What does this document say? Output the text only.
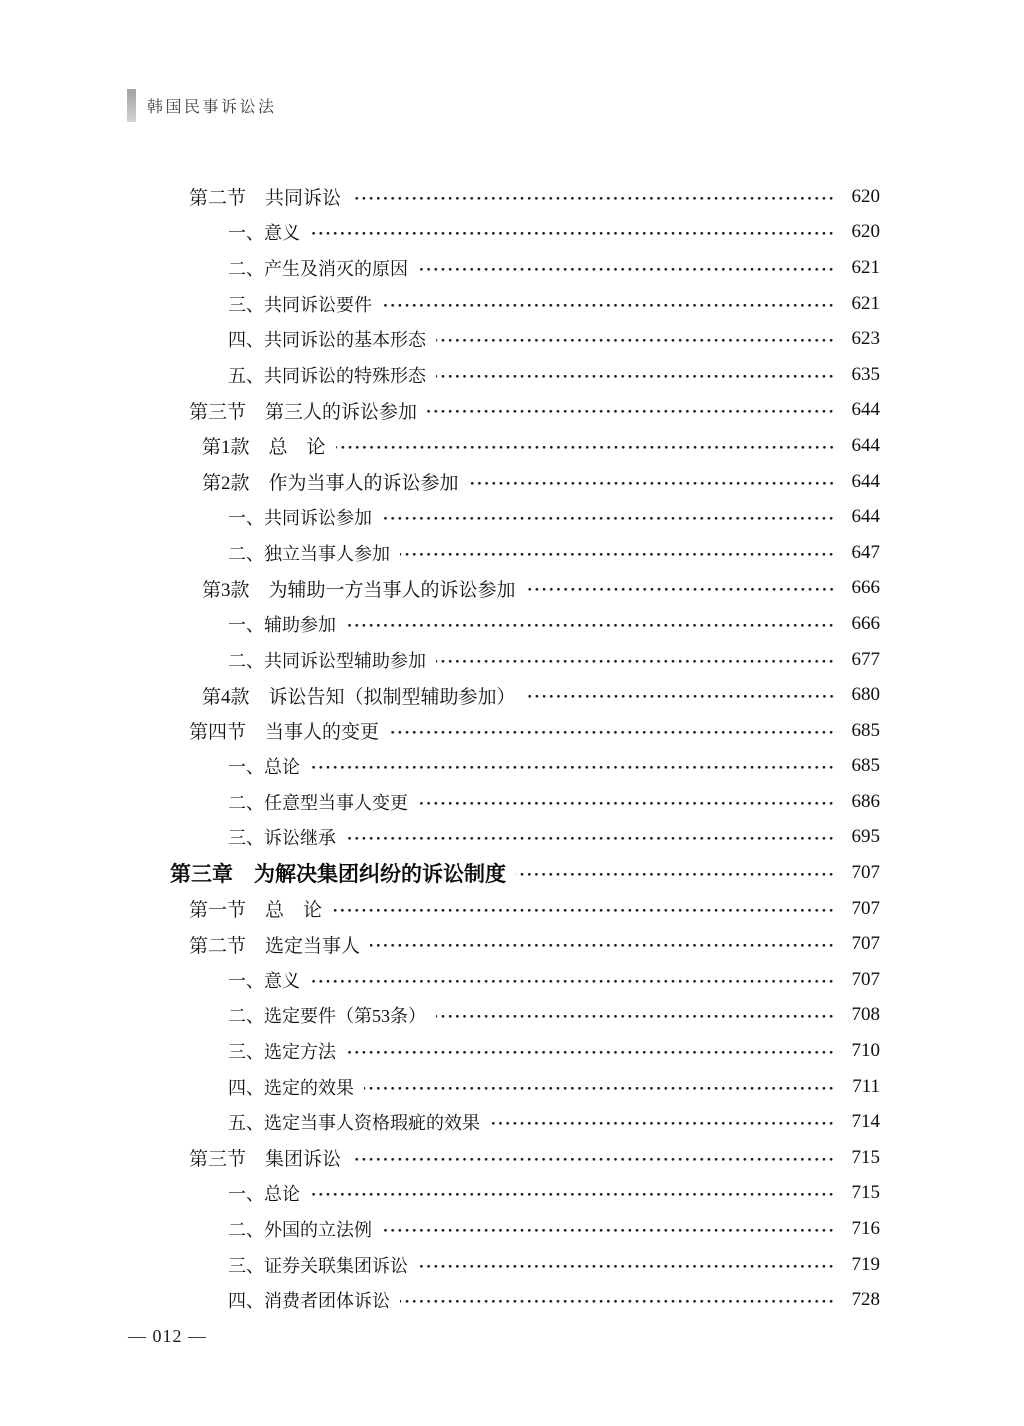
韩国民事诉讼法
第二节　共同诉讼	620
一、意义	620
二、产生及消灭的原因	621
三、共同诉讼要件	621
四、共同诉讼的基本形态	623
五、共同诉讼的特殊形态	635
第三节　第三人的诉讼参加	644
第1款　总　论	644
第2款　作为当事人的诉讼参加	644
一、共同诉讼参加	644
二、独立当事人参加	647
第3款　为辅助一方当事人的诉讼参加	666
一、辅助参加	666
二、共同诉讼型辅助参加	677
第4款　诉讼告知（拟制型辅助参加）	680
第四节　当事人的变更	685
一、总论	685
二、任意型当事人变更	686
三、诉讼继承	695
第三章　为解决集团纠纷的诉讼制度	707
第一节　总　论	707
第二节　选定当事人	707
一、意义	707
二、选定要件（第53条）	708
三、选定方法	710
四、选定的效果	711
五、选定当事人资格瑕疵的效果	714
第三节　集团诉讼	715
一、总论	715
二、外国的立法例	716
三、证券关联集团诉讼	719
四、消费者团体诉讼	728
— 012 —
